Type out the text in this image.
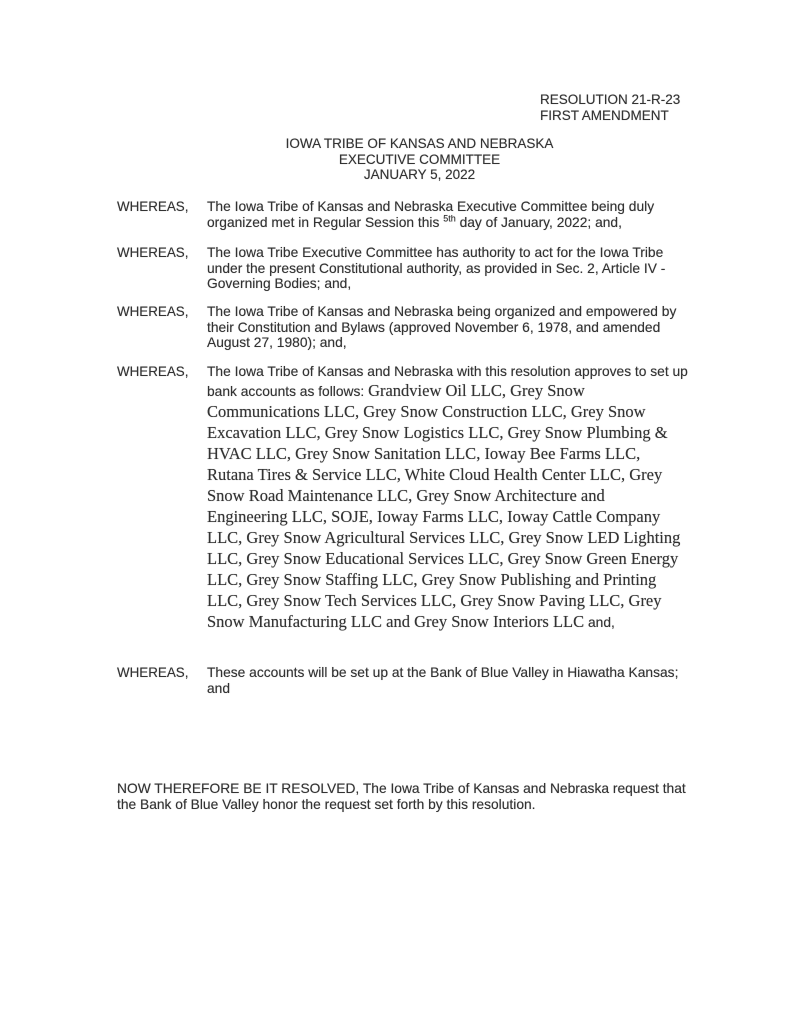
RESOLUTION 21-R-23
FIRST AMENDMENT
IOWA TRIBE OF KANSAS AND NEBRASKA
EXECUTIVE COMMITTEE
JANUARY 5, 2022
WHEREAS,	The Iowa Tribe of Kansas and Nebraska Executive Committee being duly organized met in Regular Session this $^{5th}$ day of January, 2022; and,
WHEREAS,	The Iowa Tribe Executive Committee has authority to act for the Iowa Tribe under the present Constitutional authority, as provided in Sec. 2, Article IV - Governing Bodies; and,
WHEREAS,	The Iowa Tribe of Kansas and Nebraska being organized and empowered by their Constitution and Bylaws (approved November 6, 1978, and amended August 27, 1980); and,
WHEREAS,	The Iowa Tribe of Kansas and Nebraska with this resolution approves to set up bank accounts as follows: Grandview Oil LLC, Grey Snow Communications LLC, Grey Snow Construction LLC, Grey Snow Excavation LLC, Grey Snow Logistics LLC, Grey Snow Plumbing & HVAC LLC, Grey Snow Sanitation LLC, Ioway Bee Farms LLC, Rutana Tires & Service LLC, White Cloud Health Center LLC, Grey Snow Road Maintenance LLC, Grey Snow Architecture and Engineering LLC, SOJE, Ioway Farms LLC, Ioway Cattle Company LLC, Grey Snow Agricultural Services LLC, Grey Snow LED Lighting LLC, Grey Snow Educational Services LLC, Grey Snow Green Energy LLC, Grey Snow Staffing LLC, Grey Snow Publishing and Printing LLC, Grey Snow Tech Services LLC, Grey Snow Paving LLC, Grey Snow Manufacturing LLC and Grey Snow Interiors LLC and,
WHEREAS,	These accounts will be set up at the Bank of Blue Valley in Hiawatha Kansas; and
NOW THEREFORE BE IT RESOLVED, The Iowa Tribe of Kansas and Nebraska request that the Bank of Blue Valley honor the request set forth by this resolution.
